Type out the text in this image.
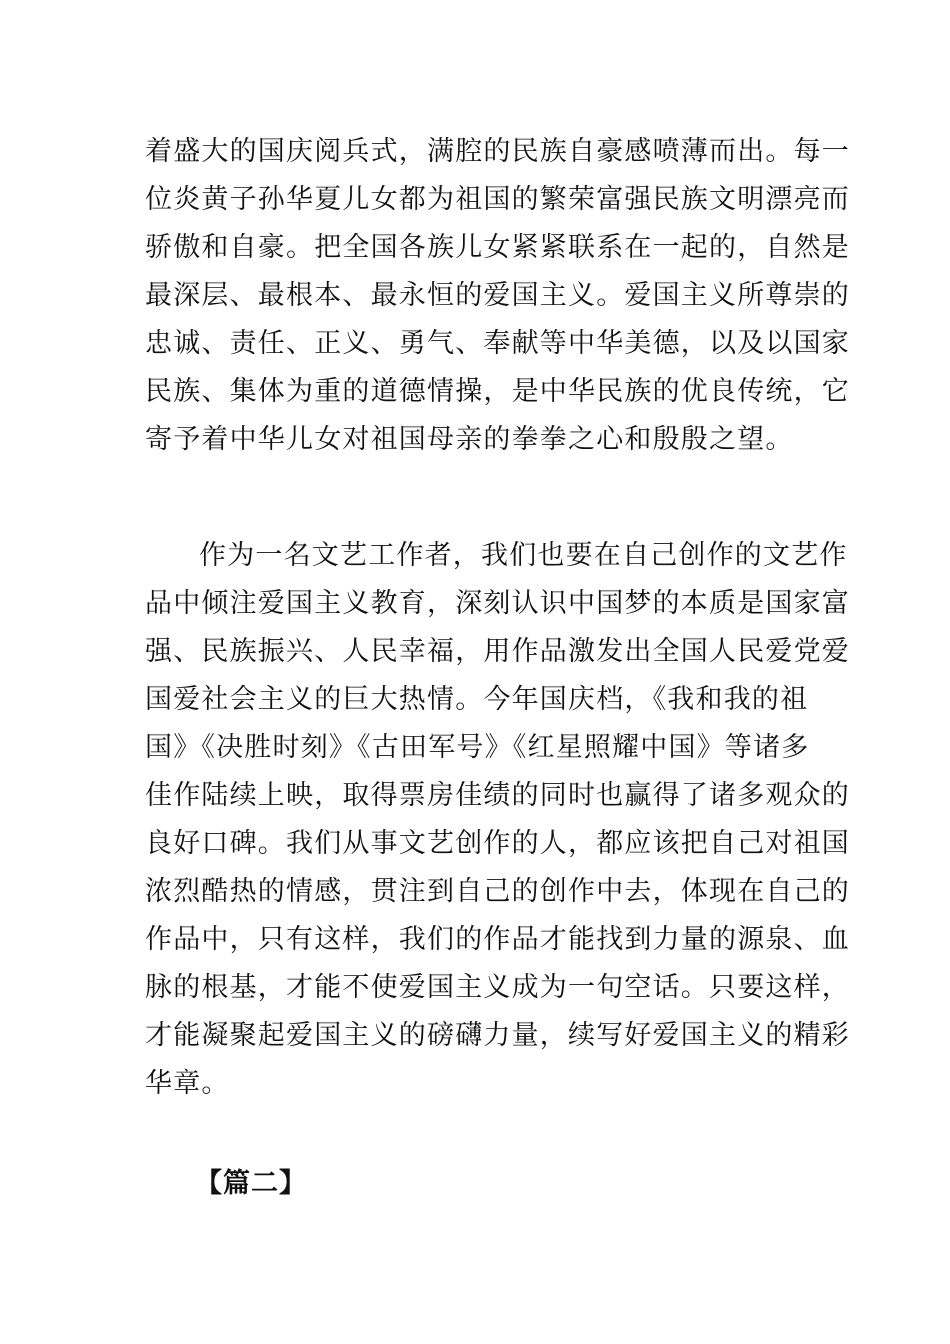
着盛大的国庆阅兵式，满腔的民族自豪感喷薄而出。每一
位炎黄子孙华夏儿女都为祖国的繁荣富强民族文明漂亮而
骄傲和自豪。把全国各族儿女紧紧联系在一起的，自然是
最深层、最根本、最永恒的爱国主义。爱国主义所尊崇的
忠诚、责任、正义、勇气、奉献等中华美德，以及以国家
民族、集体为重的道德情操，是中华民族的优良传统，它
寄予着中华儿女对祖国母亲的拳拳之心和殷殷之望。
作为一名文艺工作者，我们也要在自己创作的文艺作
品中倾注爱国主义教育，深刻认识中国梦的本质是国家富
强、民族振兴、人民幸福，用作品激发出全国人民爱党爱
国爱社会主义的巨大热情。今年国庆档，《我和我的祖
国》《决胜时刻》《古田军号》《红星照耀中国》等诸多
佳作陆续上映，取得票房佳绩的同时也赢得了诸多观众的
良好口碑。我们从事文艺创作的人，都应该把自己对祖国
浓烈酷热的情感，贯注到自己的创作中去，体现在自己的
作品中，只有这样，我们的作品才能找到力量的源泉、血
脉的根基，才能不使爱国主义成为一句空话。只要这样，
才能凝聚起爱国主义的磅礴力量，续写好爱国主义的精彩
华章。
【篇二】
